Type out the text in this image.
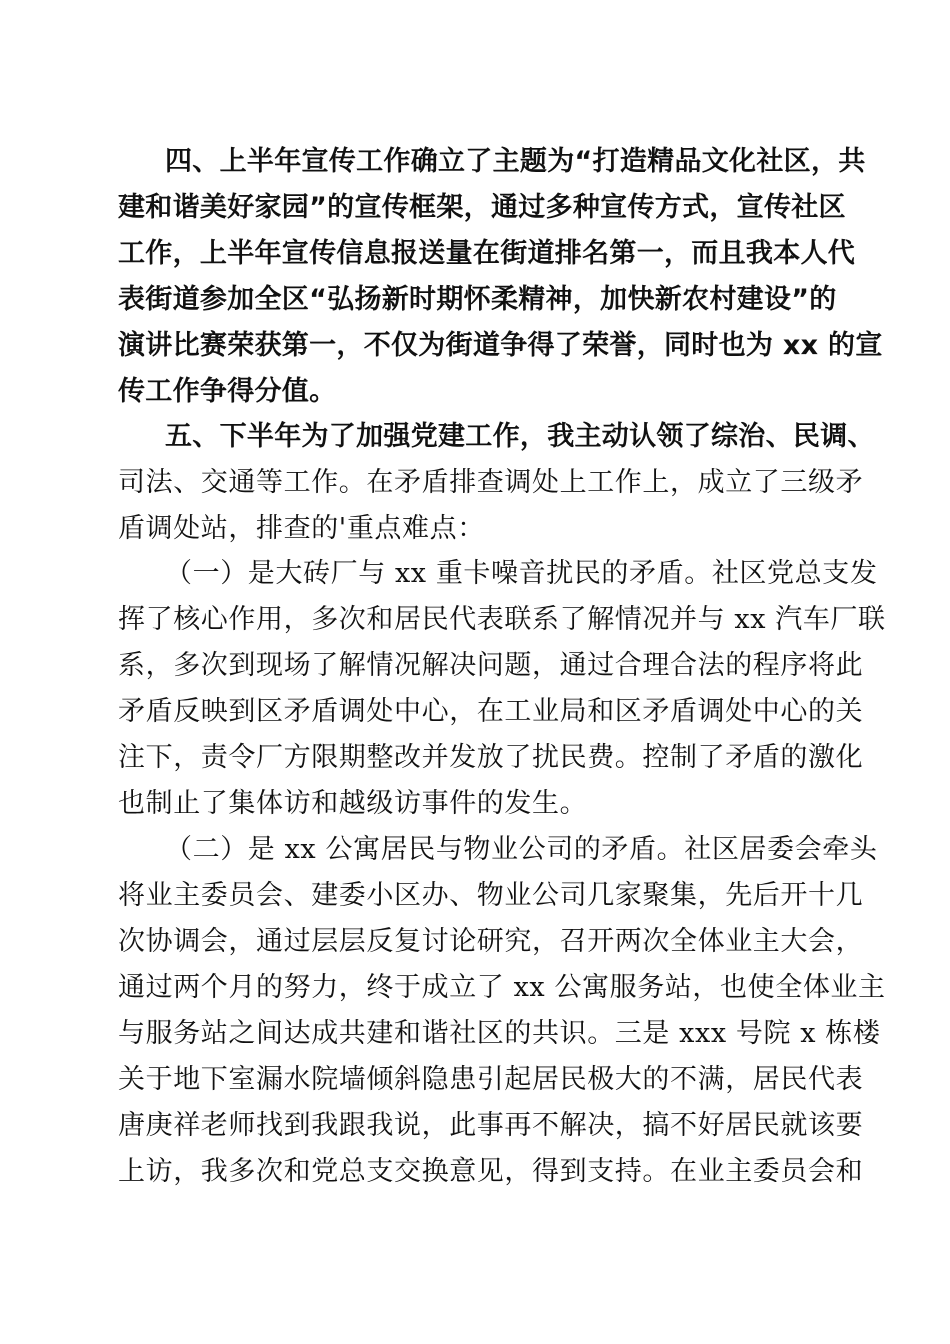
四、上半年宣传工作确立了主题为“打造精品文化社区，共
建和谐美好家园”的宣传框架，通过多种宣传方式，宣传社区
工作，上半年宣传信息报送量在街道排名第一，而且我本人代
表街道参加全区“弘扬新时期怀柔精神，加快新农村建设”的
演讲比赛荣获第一，不仅为街道争得了荣誉，同时也为 xx 的宣
传工作争得分值。
五、下半年为了加强党建工作，我主动认领了综治、民调、
司法、交通等工作。在矛盾排查调处上工作上，成立了三级矛
盾调处站，排查的'重点难点：
（一）是大砖厂与 xx 重卡噪音扰民的矛盾。社区党总支发
挥了核心作用，多次和居民代表联系了解情况并与 xx 汽车厂联
系，多次到现场了解情况解决问题，通过合理合法的程序将此
矛盾反映到区矛盾调处中心，在工业局和区矛盾调处中心的关
注下，责令厂方限期整改并发放了扰民费。控制了矛盾的激化
也制止了集体访和越级访事件的发生。
（二）是 xx 公寓居民与物业公司的矛盾。社区居委会牵头
将业主委员会、建委小区办、物业公司几家聚集，先后开十几
次协调会，通过层层反复讨论研究，召开两次全体业主大会，
通过两个月的努力，终于成立了 xx 公寓服务站，也使全体业主
与服务站之间达成共建和谐社区的共识。三是 xxx 号院 x 栋楼
关于地下室漏水院墙倾斜隐患引起居民极大的不满，居民代表
唐庚祥老师找到我跟我说，此事再不解决，搞不好居民就该要
上访，我多次和党总支交换意见，得到支持。在业主委员会和
